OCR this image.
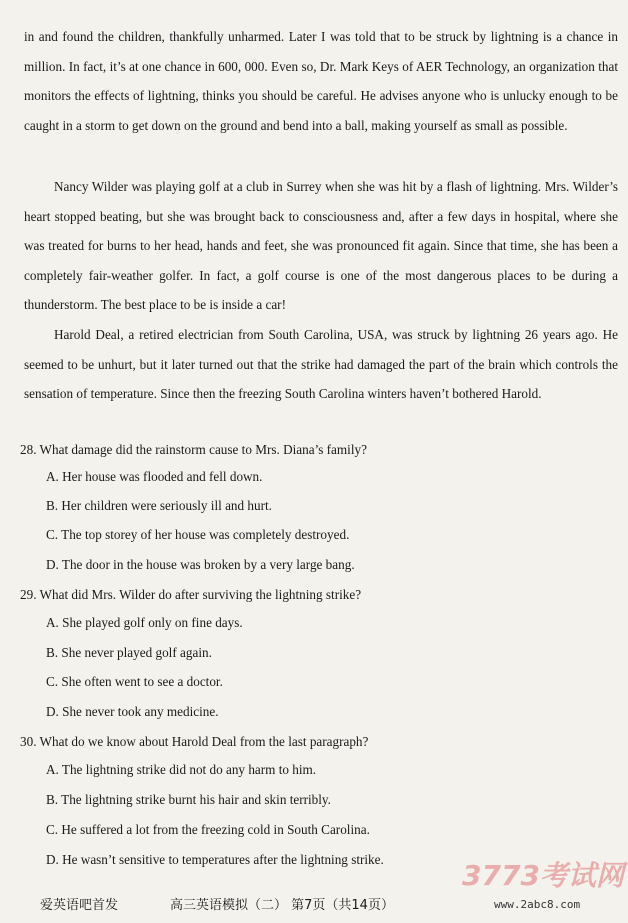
in and found the children, thankfully unharmed. Later I was told that to be struck by lightning is a chance in million. In fact, it’s at one chance in 600, 000. Even so, Dr. Mark Keys of AER Technology, an organization that monitors the effects of lightning, thinks you should be careful. He advises anyone who is unlucky enough to be caught in a storm to get down on the ground and bend into a ball, making yourself as small as possible.

Nancy Wilder was playing golf at a club in Surrey when she was hit by a flash of lightning. Mrs. Wilder’s heart stopped beating, but she was brought back to consciousness and, after a few days in hospital, where she was treated for burns to her head, hands and feet, she was pronounced fit again. Since that time, she has been a completely fair-weather golfer. In fact, a golf course is one of the most dangerous places to be during a thunderstorm. The best place to be is inside a car!

Harold Deal, a retired electrician from South Carolina, USA, was struck by lightning 26 years ago. He seemed to be unhurt, but it later turned out that the strike had damaged the part of the brain which controls the sensation of temperature. Since then the freezing South Carolina winters haven’t bothered Harold.

28. What damage did the rainstorm cause to Mrs. Diana’s family?
A. Her house was flooded and fell down.
B. Her children were seriously ill and hurt.
C. The top storey of her house was completely destroyed.
D. The door in the house was broken by a very large bang.
29. What did Mrs. Wilder do after surviving the lightning strike?
A. She played golf only on fine days.
B. She never played golf again.
C. She often went to see a doctor.
D. She never took any medicine.
30. What do we know about Harold Deal from the last paragraph?
A. The lightning strike did not do any harm to him.
B. The lightning strike burnt his hair and skin terribly.
C. He suffered a lot from the freezing cold in South Carolina.
D. He wasn’t sensitive to temperatures after the lightning strike.	3773考试网
www.2abc8.com
爱英语吧首发	高三英语模拟（二） 第7页（共14页）
